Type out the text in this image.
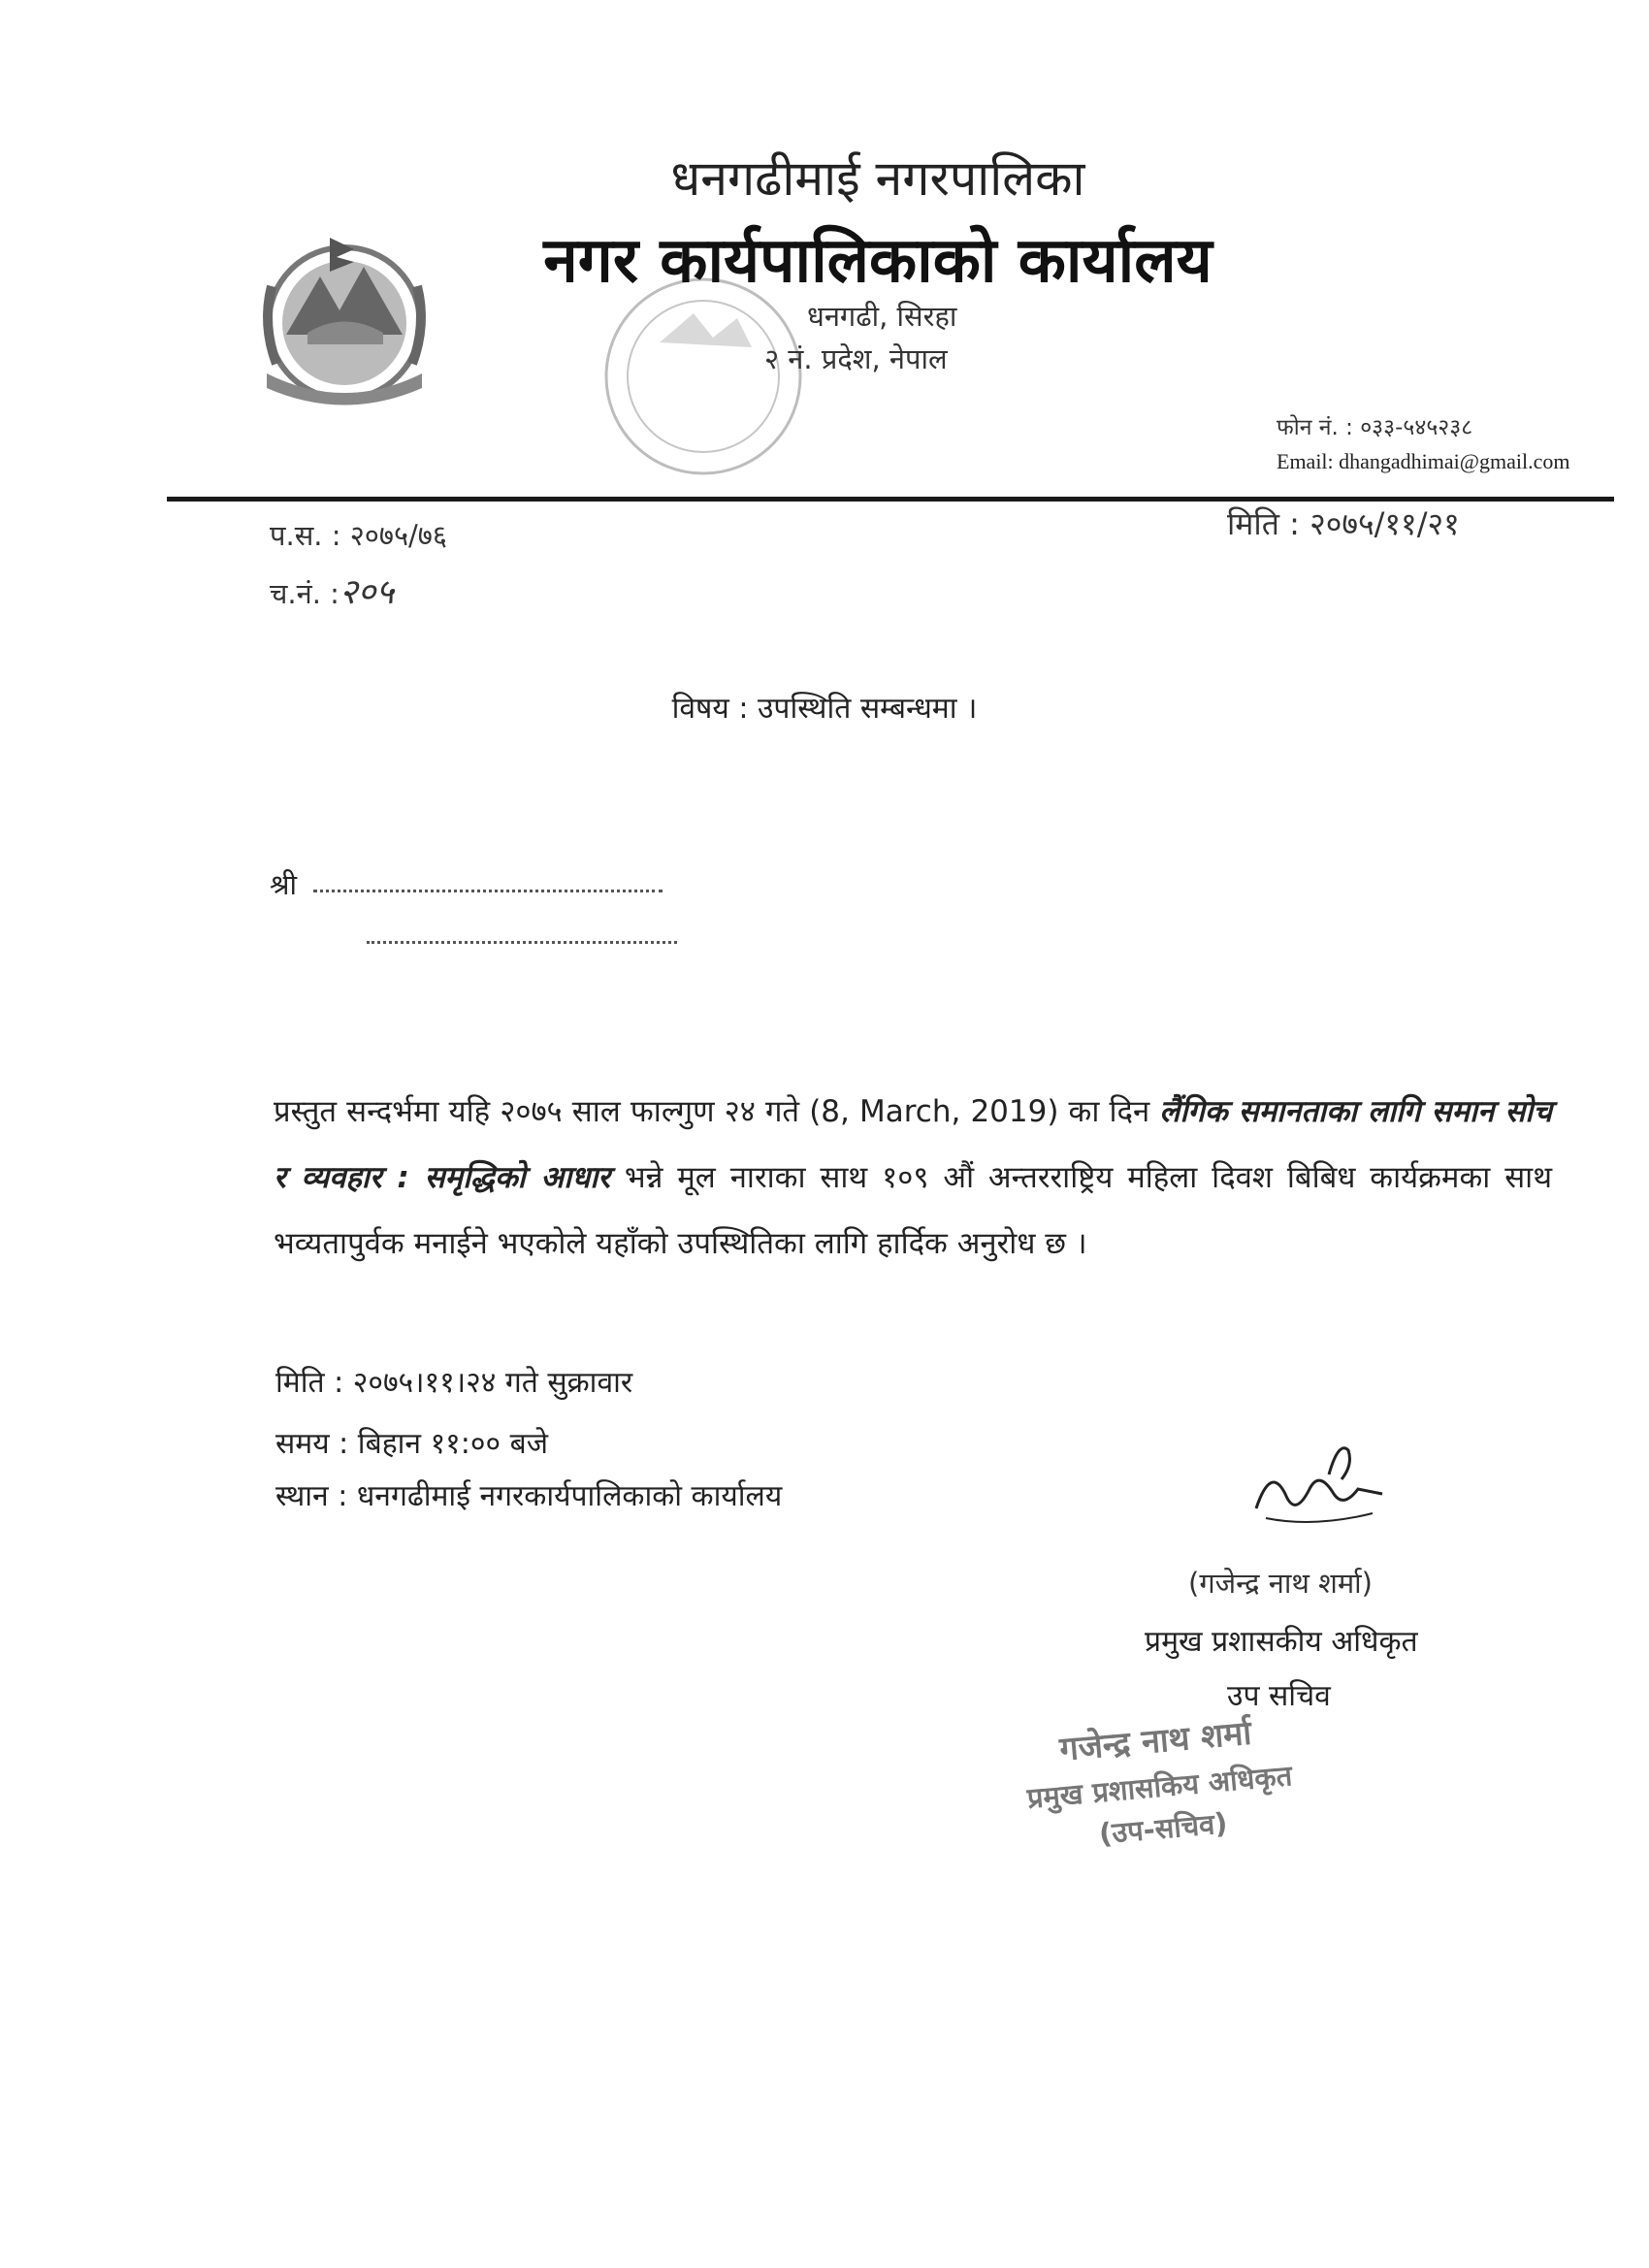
धनगढीमाई नगरपालिका
नगर कार्यपालिकाको कार्यालय
धनगढी, सिरहा
२ नं. प्रदेश, नेपाल
फोन नं. : ०३३-५४५२३८
Email: dhangadhimai@gmail.com
प.स. : २०७५/७६
च.नं. :२०५
मिति : २०७५/११/२१
विषय : उपस्थिति सम्बन्धमा ।
श्री
प्रस्तुत सन्दर्भमा यहि २०७५ साल फाल्गुण २४ गते (8, March, 2019) का दिन लैंगिक समानताका लागि समान सोच र व्यवहार : समृद्धिको आधार भन्ने मूल नाराका साथ १०९ औं अन्तरराष्ट्रिय महिला दिवश बिबिध कार्यक्रमका साथ भव्यतापुर्वक मनाईने भएकोले यहाँको उपस्थितिका लागि हार्दिक अनुरोध छ ।
मिति : २०७५।११।२४ गते सुक्रावार
समय : बिहान ११:०० बजे
स्थान : धनगढीमाई नगरकार्यपालिकाको कार्यालय
(गजेन्द्र नाथ शर्मा)
प्रमुख प्रशासकीय अधिकृत
उप सचिव
गजेन्द्र नाथ शर्मा
प्रमुख प्रशासकिय अधिकृत
(उप-सचिव)
